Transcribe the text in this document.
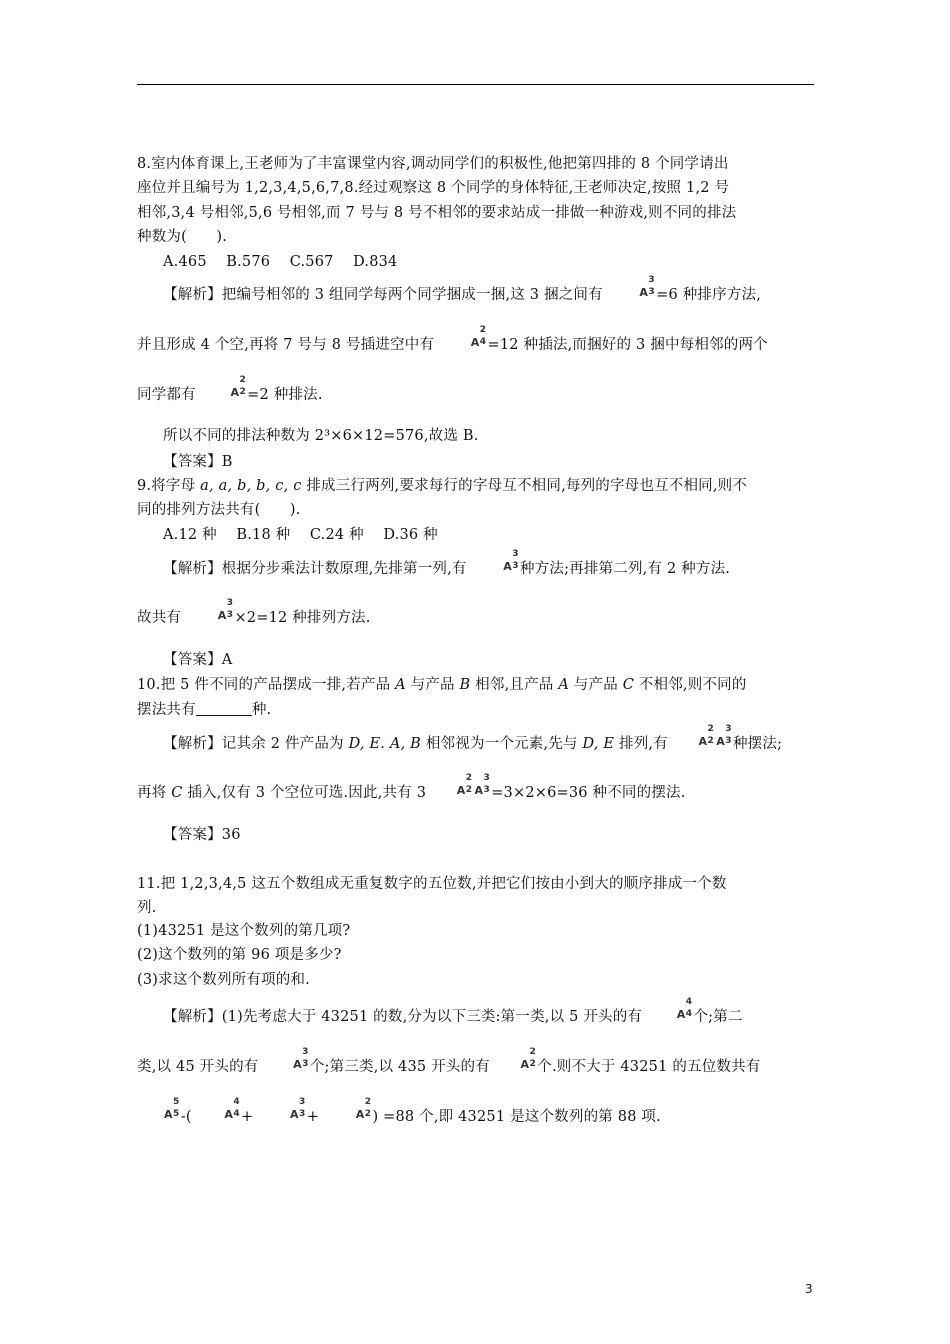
8.室内体育课上,王老师为了丰富课堂内容,调动同学们的积极性,他把第四排的 8 个同学请出
座位并且编号为 1,2,3,4,5,6,7,8.经过观察这 8 个同学的身体特征,王老师决定,按照 1,2 号
相邻,3,4 号相邻,5,6 号相邻,而 7 号与 8 号不相邻的要求站成一排做一种游戏,则不同的排法
种数为(　　).
A.465　 B.576　 C.567　 D.834
【解析】把编号相邻的 3 组同学每两个同学捆成一捆,这 3 捆之间有	A
3
3 =6 种排序方法,
并且形成 4 个空,再将 7 号与 8 号插进空中有	A
2
4 =12 种插法,而捆好的 3 捆中每相邻的两个
同学都有	A
2
2 =2 种排法.
所以不同的排法种数为 2³×6×12=576,故选 B.
【答案】B
9.将字母 a, a, b, b, c, c 排成三行两列,要求每行的字母互不相同,每列的字母也互不相同,则不
同的排列方法共有(　　).
A.12 种　 B.18 种　 C.24 种　 D.36 种
【解析】根据分步乘法计数原理,先排第一列,有	A
3
3 种方法;再排第二列,有 2 种方法.
故共有	A
3
3 ×2=12 种排列方法.
【答案】A
10.把 5 件不同的产品摆成一排,若产品 A 与产品 B 相邻,且产品 A 与产品 C 不相邻,则不同的
摆法共有	种.
【解析】记其余 2 件产品为 D, E. A, B 相邻视为一个元素,先与 D, E 排列,有	A
2
2 A
3
3 种摆法;
再将 C 插入,仅有 3 个空位可选.因此,共有 3	A
2
2 A
3
3 =3×2×6=36 种不同的摆法.
【答案】36
11.把 1,2,3,4,5 这五个数组成无重复数字的五位数,并把它们按由小到大的顺序排成一个数
列.
(1)43251 是这个数列的第几项?
(2)这个数列的第 96 项是多少?
(3)求这个数列所有项的和.
【解析】(1)先考虑大于 43251 的数,分为以下三类:第一类,以 5 开头的有	A
4
4 个;第二
类,以 45 开头的有	A
3
3 个;第三类,以 435 开头的有	A
2
2 个.则不大于 43251 的五位数共有
A
5
5 -(	A
4
4 +	A
3
3 +	A
2
2 ) =88 个,即 43251 是这个数列的第 88 项.
3
